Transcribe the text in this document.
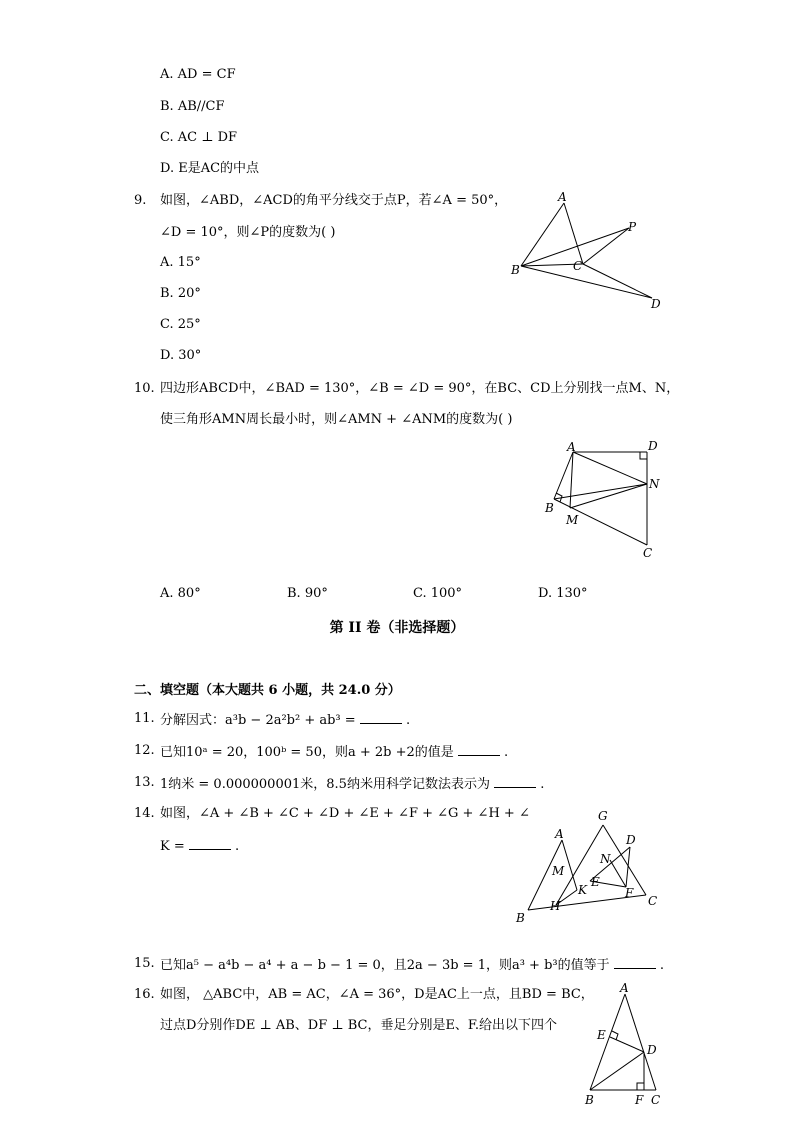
A. AD = CF
B. AB//CF
C. AC ⊥ DF
D. E是AC的中点
9. 如图，∠ABD，∠ACD的角平分线交于点P，若∠A = 50°，
∠D = 10°，则∠P的度数为( )
A. 15°
B. 20°
C. 25°
D. 30°
A
B	C
P
D
10. 四边形ABCD中，∠BAD = 130°，∠B = ∠D = 90°，在BC、CD上分别找一点M、N，
使三角形AMN周长最小时，则∠AMN + ∠ANM的度数为( )
A	D
N
B
M
C
A. 80°	B. 90°	C. 100°	D. 130°
第 II 卷（非选择题）
二、填空题（本大题共 6 小题，共 24.0 分）
11. 分解因式：a³b − 2a²b² + ab³ =	.
12. 已知10ᵃ = 20，100ᵇ = 50，则a + 2b +2的值是	.
13. 1纳米 = 0.000000001米，8.5纳米用科学记数法表示为	.
14. 如图，∠A + ∠B + ∠C + ∠D + ∠E + ∠F + ∠G + ∠H + ∠
K =	.
A
G
D
N
M
K
E
F
H
B
C
15. 已知a⁵ − a⁴b − a⁴ + a − b − 1 = 0，且2a − 3b = 1，则a³ + b³的值等于	.
16. 如图， △ABC中，AB = AC，∠A = 36°，D是AC上一点，且BD = BC，
过点D分别作DE ⊥ AB、DF ⊥ BC，垂足分别是E、F.给出以下四个
A
E
D
B	F C
